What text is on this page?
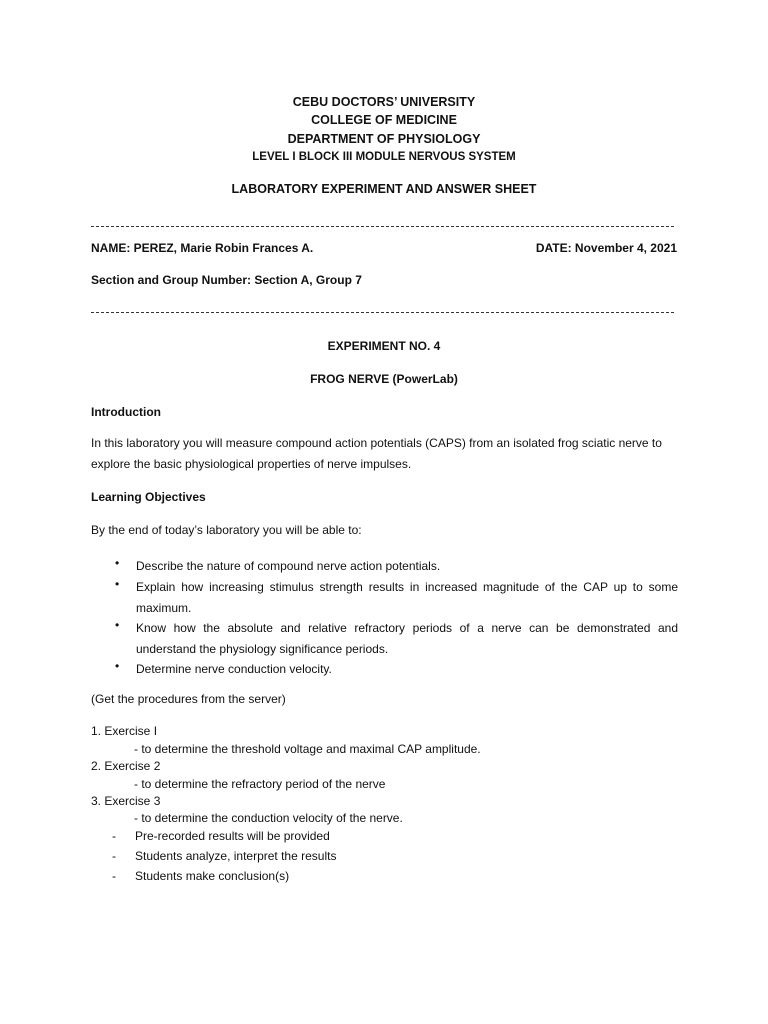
CEBU DOCTORS’ UNIVERSITY
COLLEGE OF MEDICINE
DEPARTMENT OF PHYSIOLOGY
LEVEL I BLOCK III MODULE NERVOUS SYSTEM
LABORATORY EXPERIMENT AND ANSWER SHEET
NAME: PEREZ, Marie Robin Frances A.	DATE: November 4, 2021
Section and Group Number: Section A, Group 7
EXPERIMENT NO. 4
FROG NERVE (PowerLab)
Introduction
In this laboratory you will measure compound action potentials (CAPS) from an isolated frog sciatic nerve to explore the basic physiological properties of nerve impulses.
Learning Objectives
By the end of today’s laboratory you will be able to:
• Describe the nature of compound nerve action potentials.
• Explain how increasing stimulus strength results in increased magnitude of the CAP up to some maximum.
• Know how the absolute and relative refractory periods of a nerve can be demonstrated and understand the physiology significance periods.
• Determine nerve conduction velocity.
(Get the procedures from the server)
1. Exercise I
- to determine the threshold voltage and maximal CAP amplitude.
2. Exercise 2
- to determine the refractory period of the nerve
3. Exercise 3
- to determine the conduction velocity of the nerve.
- Pre-recorded results will be provided
- Students analyze, interpret the results
- Students make conclusion(s)
